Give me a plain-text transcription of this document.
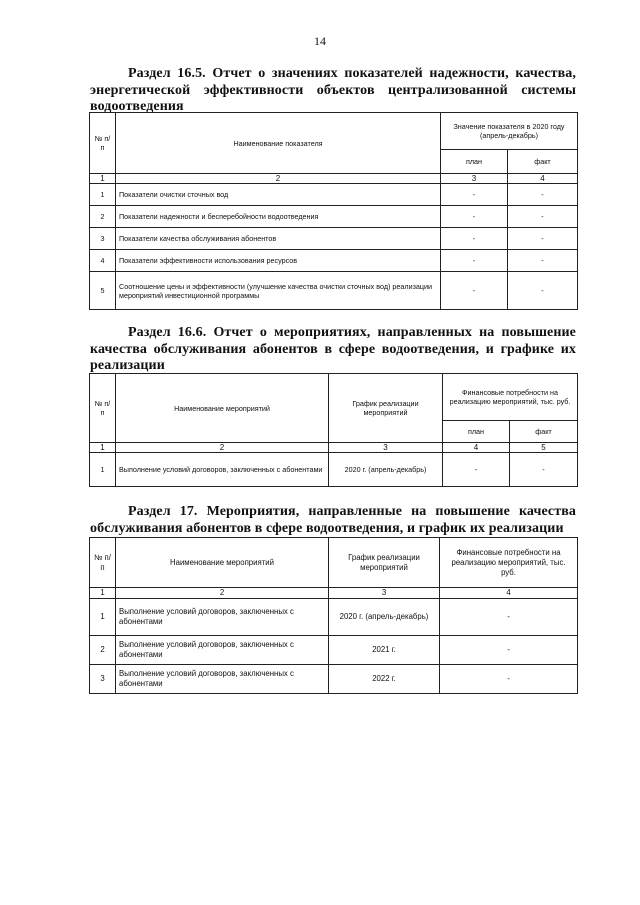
14
Раздел 16.5. Отчет о значениях показателей надежности, качества, энергетической эффективности объектов централизованной системы водоотведения
№ п/п	Наименование показателя	Значение показателя в 2020 году (апрель-декабрь)	
		план	факт
1	2	3	4
1	Показатели очистки сточных вод	-	-
2	Показатели надежности и бесперебойности водоотведения	-	-
3	Показатели качества обслуживания абонентов	-	-
4	Показатели эффективности использования ресурсов	-	-
5	Соотношение цены и эффективности (улучшение качества очистки сточных вод) реализации мероприятий инвестиционной программы	-	-
Раздел 16.6. Отчет о мероприятиях, направленных на повышение качества обслуживания абонентов в сфере водоотведения, и графике их реализации
№ п/п	Наименование мероприятий	График реализации мероприятий	Финансовые потребности на реализацию мероприятий, тыс. руб.	
			план	факт
1	2	3	4	5
1	Выполнение условий договоров, заключенных с абонентами	2020 г. (апрель-декабрь)	-	-
Раздел 17. Мероприятия, направленные на повышение качества обслуживания абонентов в сфере водоотведения, и график их реализации
№ п/п	Наименование мероприятий	График реализации мероприятий	Финансовые потребности на реализацию мероприятий, тыс. руб.
1	2	3	4
1	Выполнение условий договоров, заключенных с абонентами	2020 г. (апрель-декабрь)	-
2	Выполнение условий договоров, заключенных с абонентами	2021 г.	-
3	Выполнение условий договоров, заключенных с абонентами	2022 г.	-
